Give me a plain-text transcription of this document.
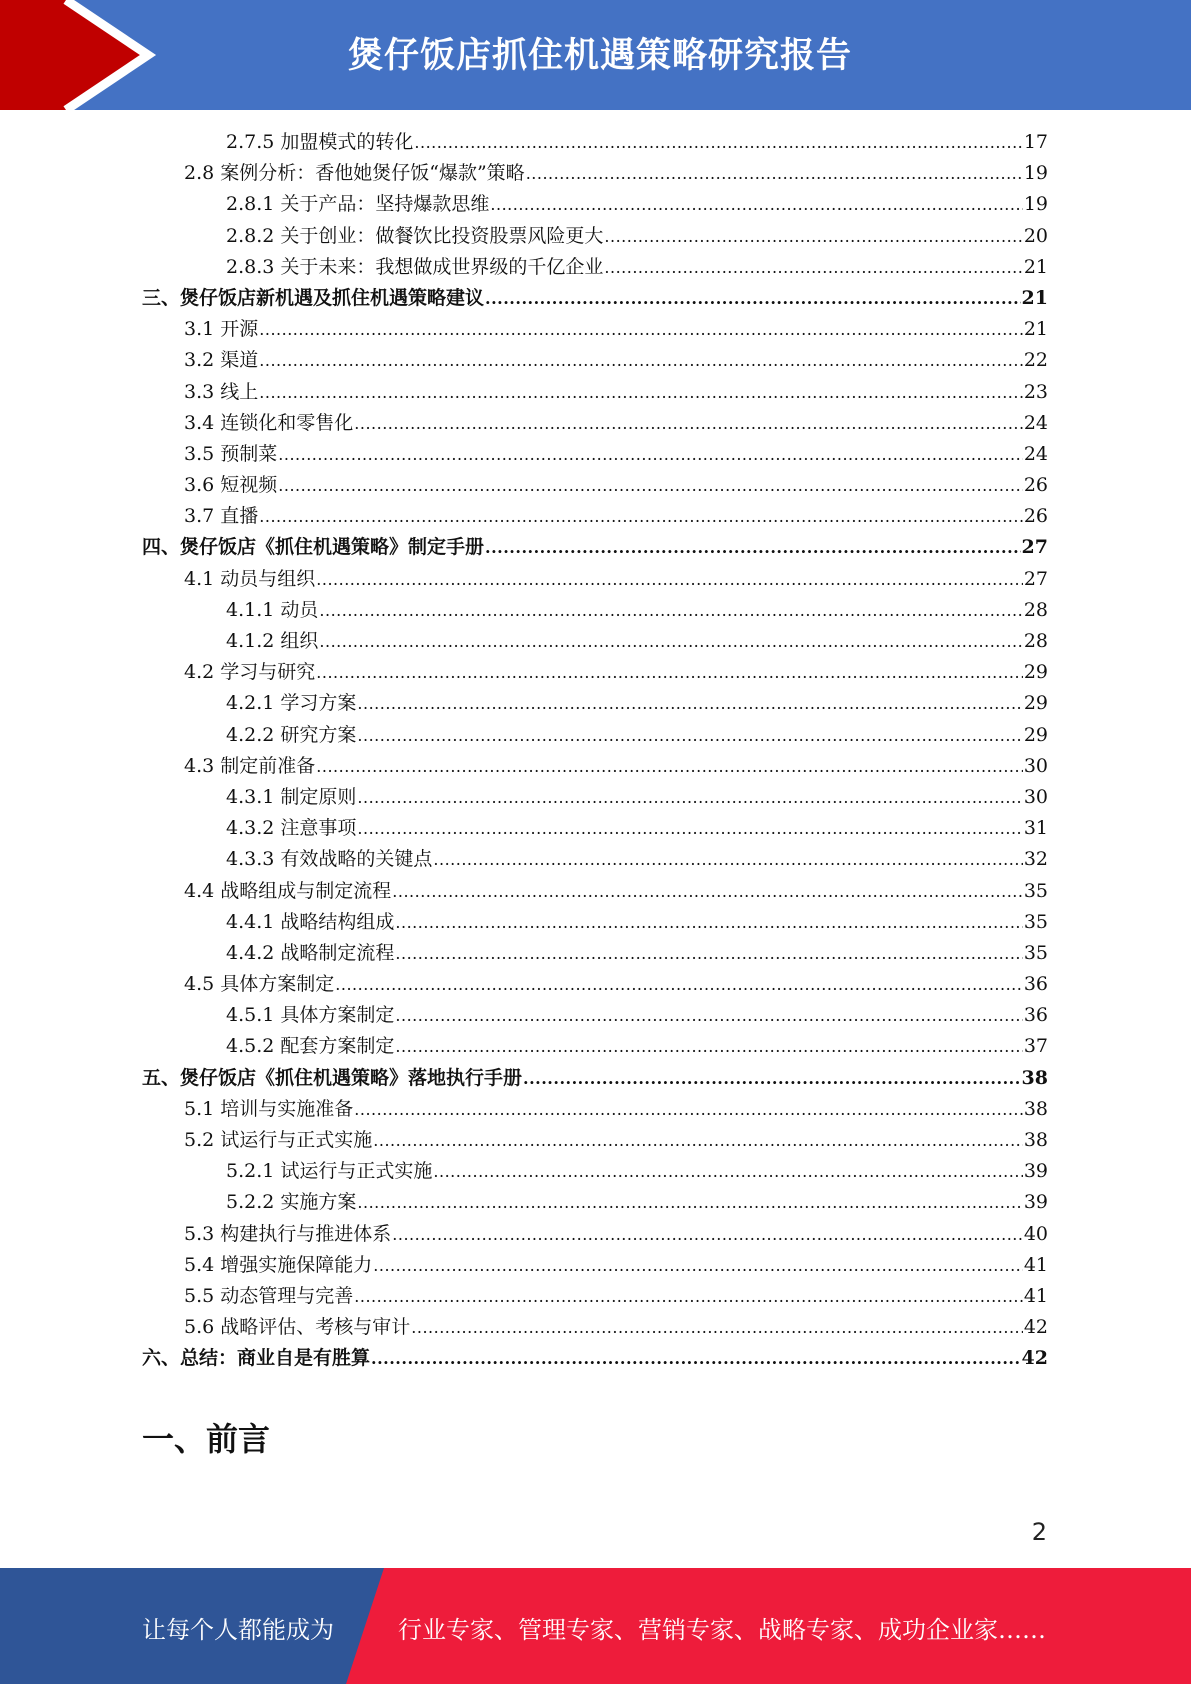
煲仔饭店抓住机遇策略研究报告
2.7.5 加盟模式的转化 .....	17
2.8 案例分析：香他她煲仔饭“爆款”策略 .....	19
2.8.1 关于产品：坚持爆款思维 .....	19
2.8.2 关于创业：做餐饮比投资股票风险更大 .....	20
2.8.3 关于未来：我想做成世界级的千亿企业 .....	21
三、煲仔饭店新机遇及抓住机遇策略建议 .....	21
3.1 开源 .....	21
3.2 渠道 .....	22
3.3 线上 .....	23
3.4 连锁化和零售化 .....	24
3.5 预制菜 .....	24
3.6 短视频 .....	26
3.7 直播 .....	26
四、煲仔饭店《抓住机遇策略》制定手册 .....	27
4.1 动员与组织 .....	27
4.1.1 动员 .....	28
4.1.2 组织 .....	28
4.2 学习与研究 .....	29
4.2.1 学习方案 .....	29
4.2.2 研究方案 .....	29
4.3 制定前准备 .....	30
4.3.1 制定原则 .....	30
4.3.2 注意事项 .....	31
4.3.3 有效战略的关键点 .....	32
4.4 战略组成与制定流程 .....	35
4.4.1 战略结构组成 .....	35
4.4.2 战略制定流程 .....	35
4.5 具体方案制定 .....	36
4.5.1 具体方案制定 .....	36
4.5.2 配套方案制定 .....	37
五、煲仔饭店《抓住机遇策略》落地执行手册 .....	38
5.1 培训与实施准备 .....	38
5.2 试运行与正式实施 .....	38
5.2.1 试运行与正式实施 .....	39
5.2.2 实施方案 .....	39
5.3 构建执行与推进体系 .....	40
5.4 增强实施保障能力 .....	41
5.5 动态管理与完善 .....	41
5.6 战略评估、考核与审计 .....	42
六、总结：商业自是有胜算 .....	42
一、前言
2
让每个人都能成为	行业专家、管理专家、营销专家、战略专家、成功企业家……
